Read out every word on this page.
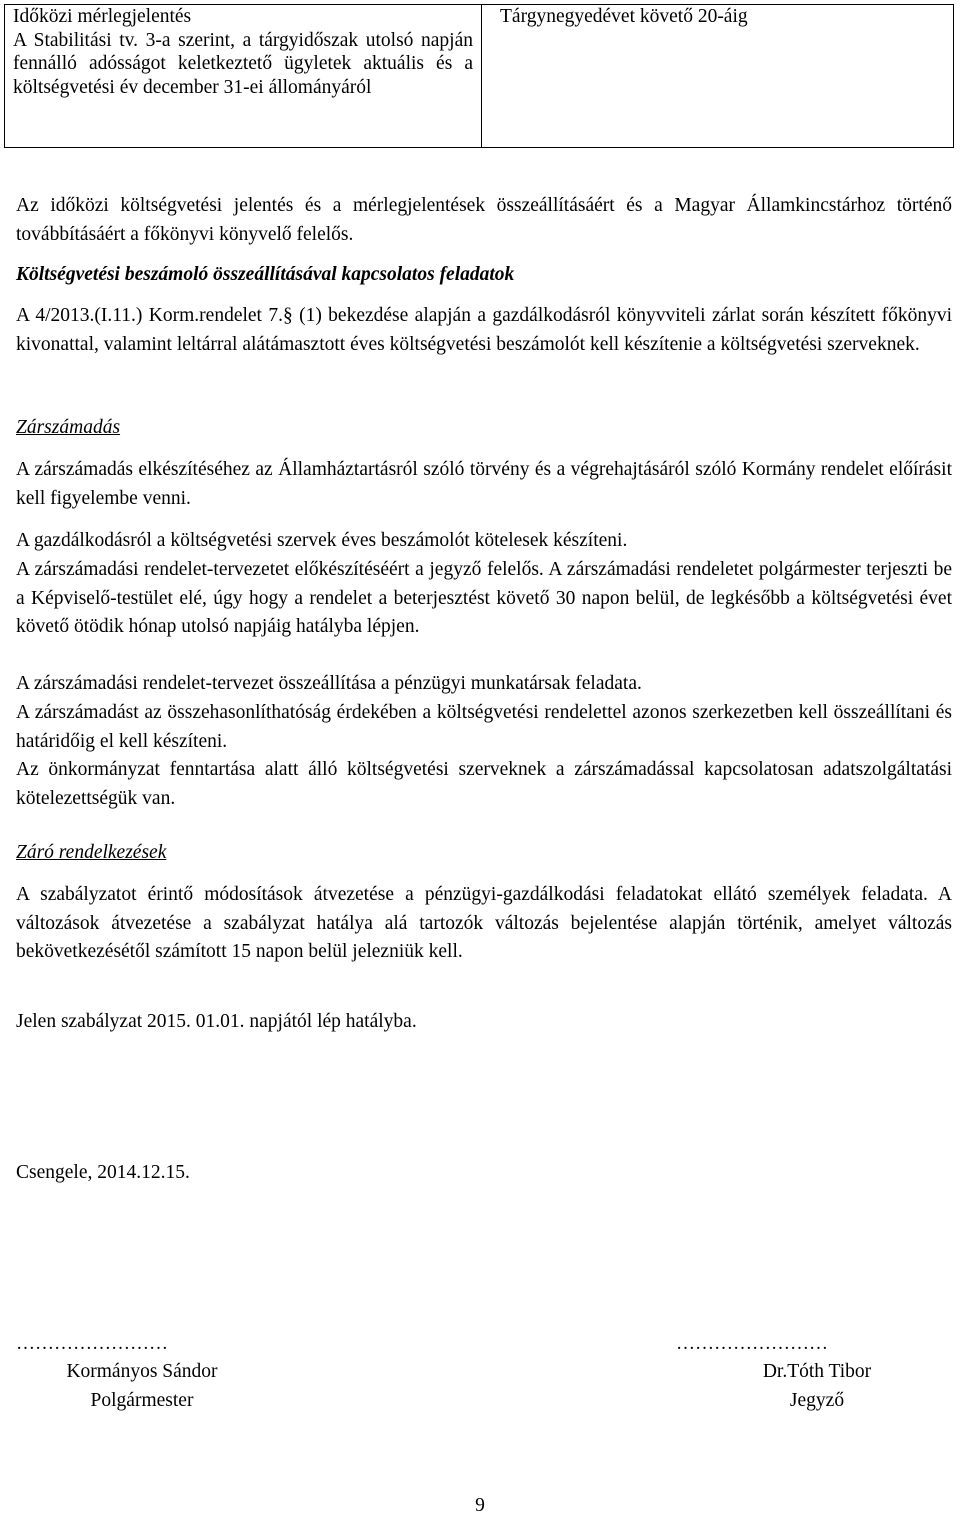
Időközi mérlegjelentés
A Stabilitási tv. 3-a szerint, a tárgyidőszak utolsó napján fennálló adósságot keletkeztető ügyletek aktuális és a költségvetési év december 31-ei állományáról
	Tárgynegyedévet követő 20-áig

Az időközi költségvetési jelentés és a mérlegjelentések összeállításáért és a Magyar Államkincstárhoz történő továbbításáért a főkönyvi könyvelő felelős.

Költségvetési beszámoló összeállításával kapcsolatos feladatok

A 4/2013.(I.11.) Korm.rendelet 7.§ (1) bekezdése alapján a gazdálkodásról könyvviteli zárlat során készített főkönyvi kivonattal, valamint leltárral alátámasztott éves költségvetési beszámolót kell készítenie a költségvetési szerveknek.

Zárszámadás

A zárszámadás elkészítéséhez az Államháztartásról szóló törvény és a végrehajtásáról szóló Kormány rendelet előírásit kell figyelembe venni.

A gazdálkodásról a költségvetési szervek éves beszámolót kötelesek készíteni.

A zárszámadási rendelet-tervezetet előkészítéséért a jegyző felelős. A zárszámadási rendeletet polgármester terjeszti be a Képviselő-testület elé, úgy hogy a rendelet a beterjesztést követő 30 napon belül, de legkésőbb a költségvetési évet követő ötödik hónap utolsó napjáig hatályba lépjen.

A zárszámadási rendelet-tervezet összeállítása a pénzügyi munkatársak feladata.

A zárszámadást az összehasonlíthatóság érdekében a költségvetési rendelettel azonos szerkezetben kell összeállítani és határidőig el kell készíteni.

Az önkormányzat fenntartása alatt álló költségvetési szerveknek a zárszámadással kapcsolatosan adatszolgáltatási kötelezettségük van.

Záró rendelkezések

A szabályzatot érintő módosítások átvezetése a pénzügyi-gazdálkodási feladatokat ellátó személyek feladata. A változások átvezetése a szabályzat hatálya alá tartozók változás bejelentése alapján történik, amelyet változás bekövetkezésétől számított 15 napon belül jelezniük kell.

Jelen szabályzat 2015. 01.01. napjától lép hatályba.

Csengele, 2014.12.15.

……………………
Kormányos Sándor
Polgármester
……………………
Dr.Tóth Tibor
Jegyző
9
